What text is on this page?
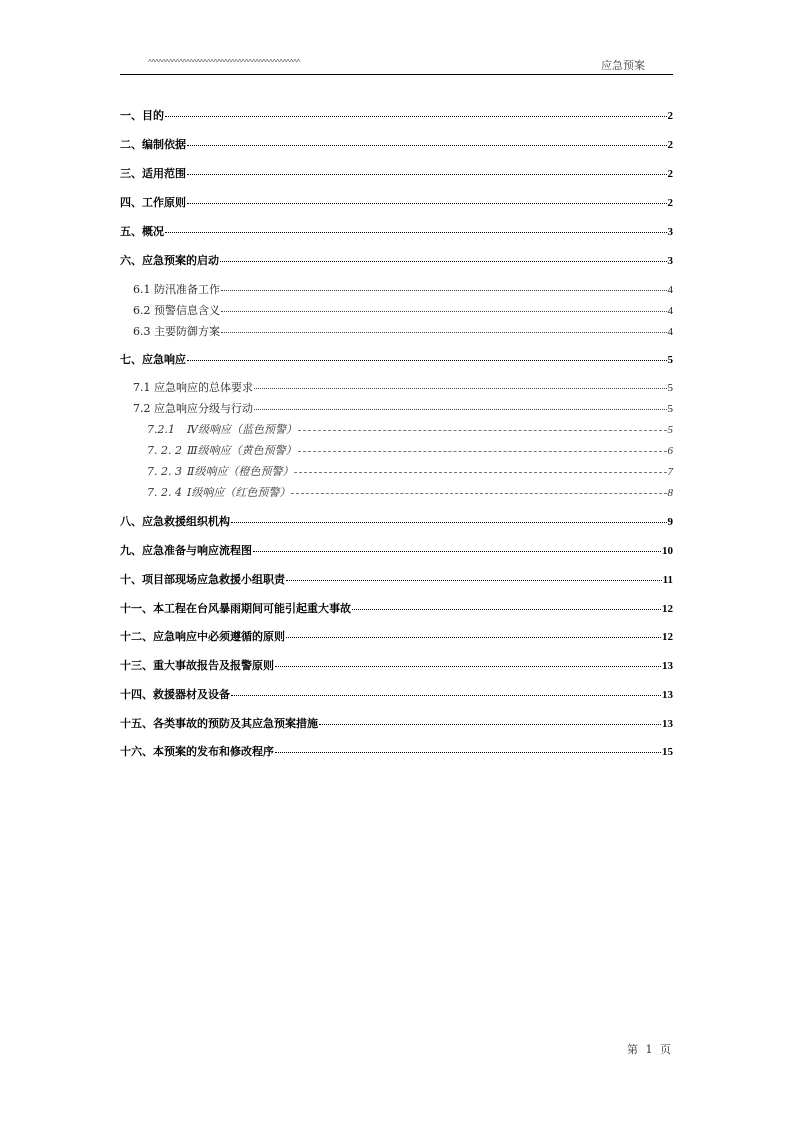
^^^^^^^^^^^^^^^^^^^^^^^^^^^^^^^^^^^^^^^^^^^^	应急预案
一、目的	2
二、编制依据	2
三、适用范围	2
四、工作原则	2
五、概况	3
六、应急预案的启动	3
6.1 防汛准备工作	4
6.2 预警信息含义	4
6.3 主要防御方案	4
七、应急响应	5
7.1 应急响应的总体要求	5
7.2 应急响应分级与行动	5
7.2.1	Ⅳ级响应（蓝色预警）	5
7. 2. 2 Ⅲ级响应（黄色预警）	6
7. 2. 3 Ⅱ级响应（橙色预警）	7
7. 2. 4 Ⅰ级响应（红色预警）	8
八、应急救援组织机构	9
九、应急准备与响应流程图	10
十、项目部现场应急救援小组职责	11
十一、本工程在台风暴雨期间可能引起重大事故	12
十二、应急响应中必须遵循的原则	12
十三、重大事故报告及报警原则	13
十四、救援器材及设备	13
十五、各类事故的预防及其应急预案措施	13
十六、本预案的发布和修改程序	15
第 1 页
